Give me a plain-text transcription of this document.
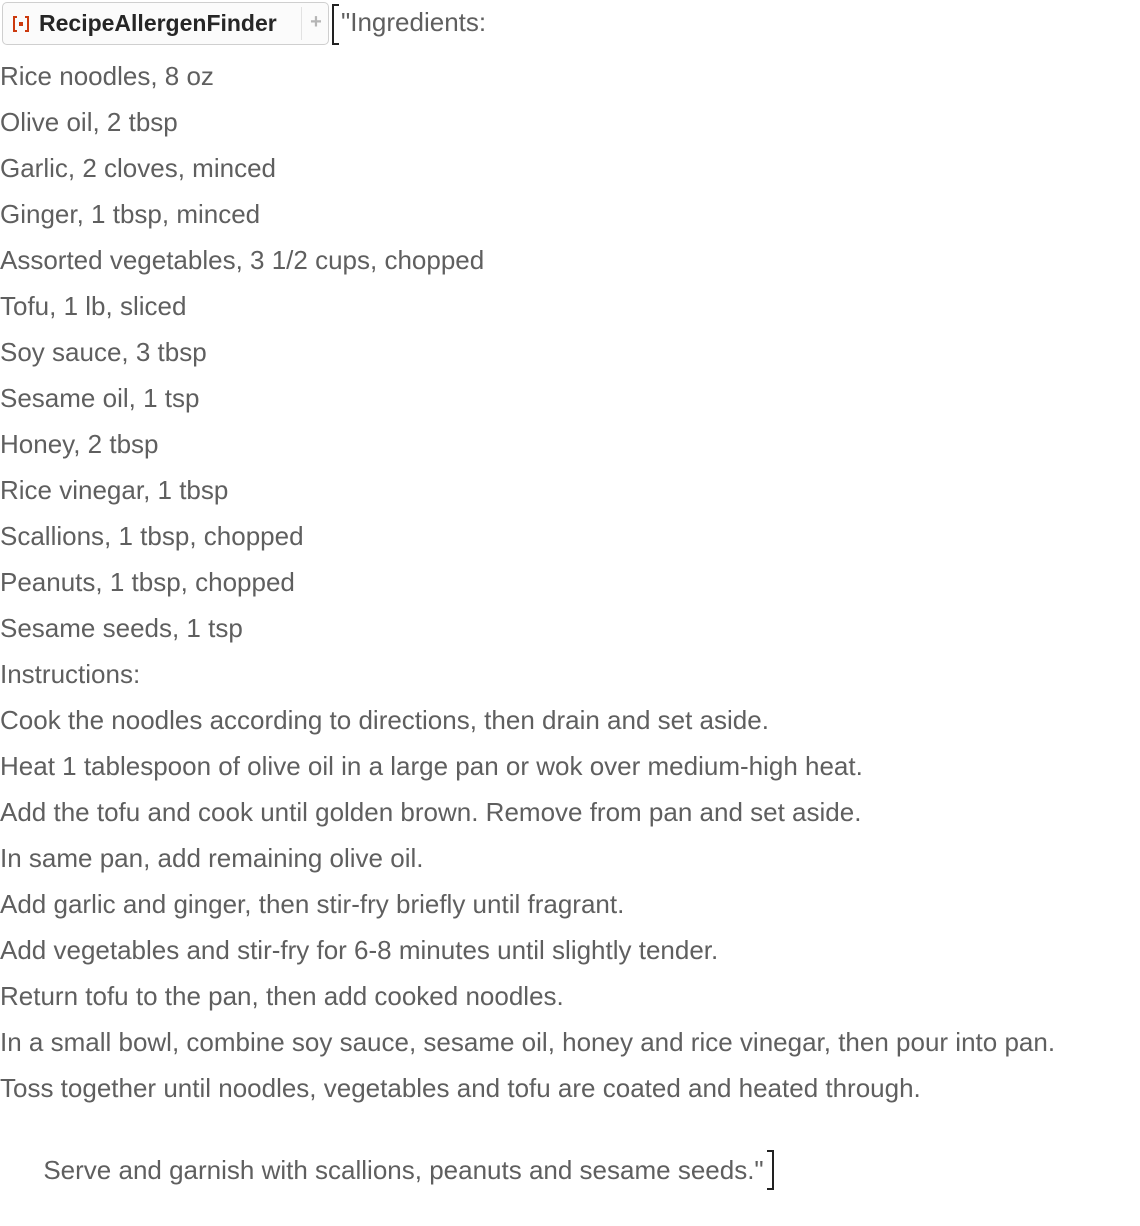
RecipeAllergenFinder + "Ingredients:
Rice noodles, 8 oz
Olive oil, 2 tbsp
Garlic, 2 cloves, minced
Ginger, 1 tbsp, minced
Assorted vegetables, 3 1/2 cups, chopped
Tofu, 1 lb, sliced
Soy sauce, 3 tbsp
Sesame oil, 1 tsp
Honey, 2 tbsp
Rice vinegar, 1 tbsp
Scallions, 1 tbsp, chopped
Peanuts, 1 tbsp, chopped
Sesame seeds, 1 tsp
Instructions:
Cook the noodles according to directions, then drain and set aside.
Heat 1 tablespoon of olive oil in a large pan or wok over medium-high heat.
Add the tofu and cook until golden brown. Remove from pan and set aside.
In same pan, add remaining olive oil.
Add garlic and ginger, then stir-fry briefly until fragrant.
Add vegetables and stir-fry for 6-8 minutes until slightly tender.
Return tofu to the pan, then add cooked noodles.
In a small bowl, combine soy sauce, sesame oil, honey and rice vinegar, then pour into pan.
Toss together until noodles, vegetables and tofu are coated and heated through.

Serve and garnish with scallions, peanuts and sesame seeds."
